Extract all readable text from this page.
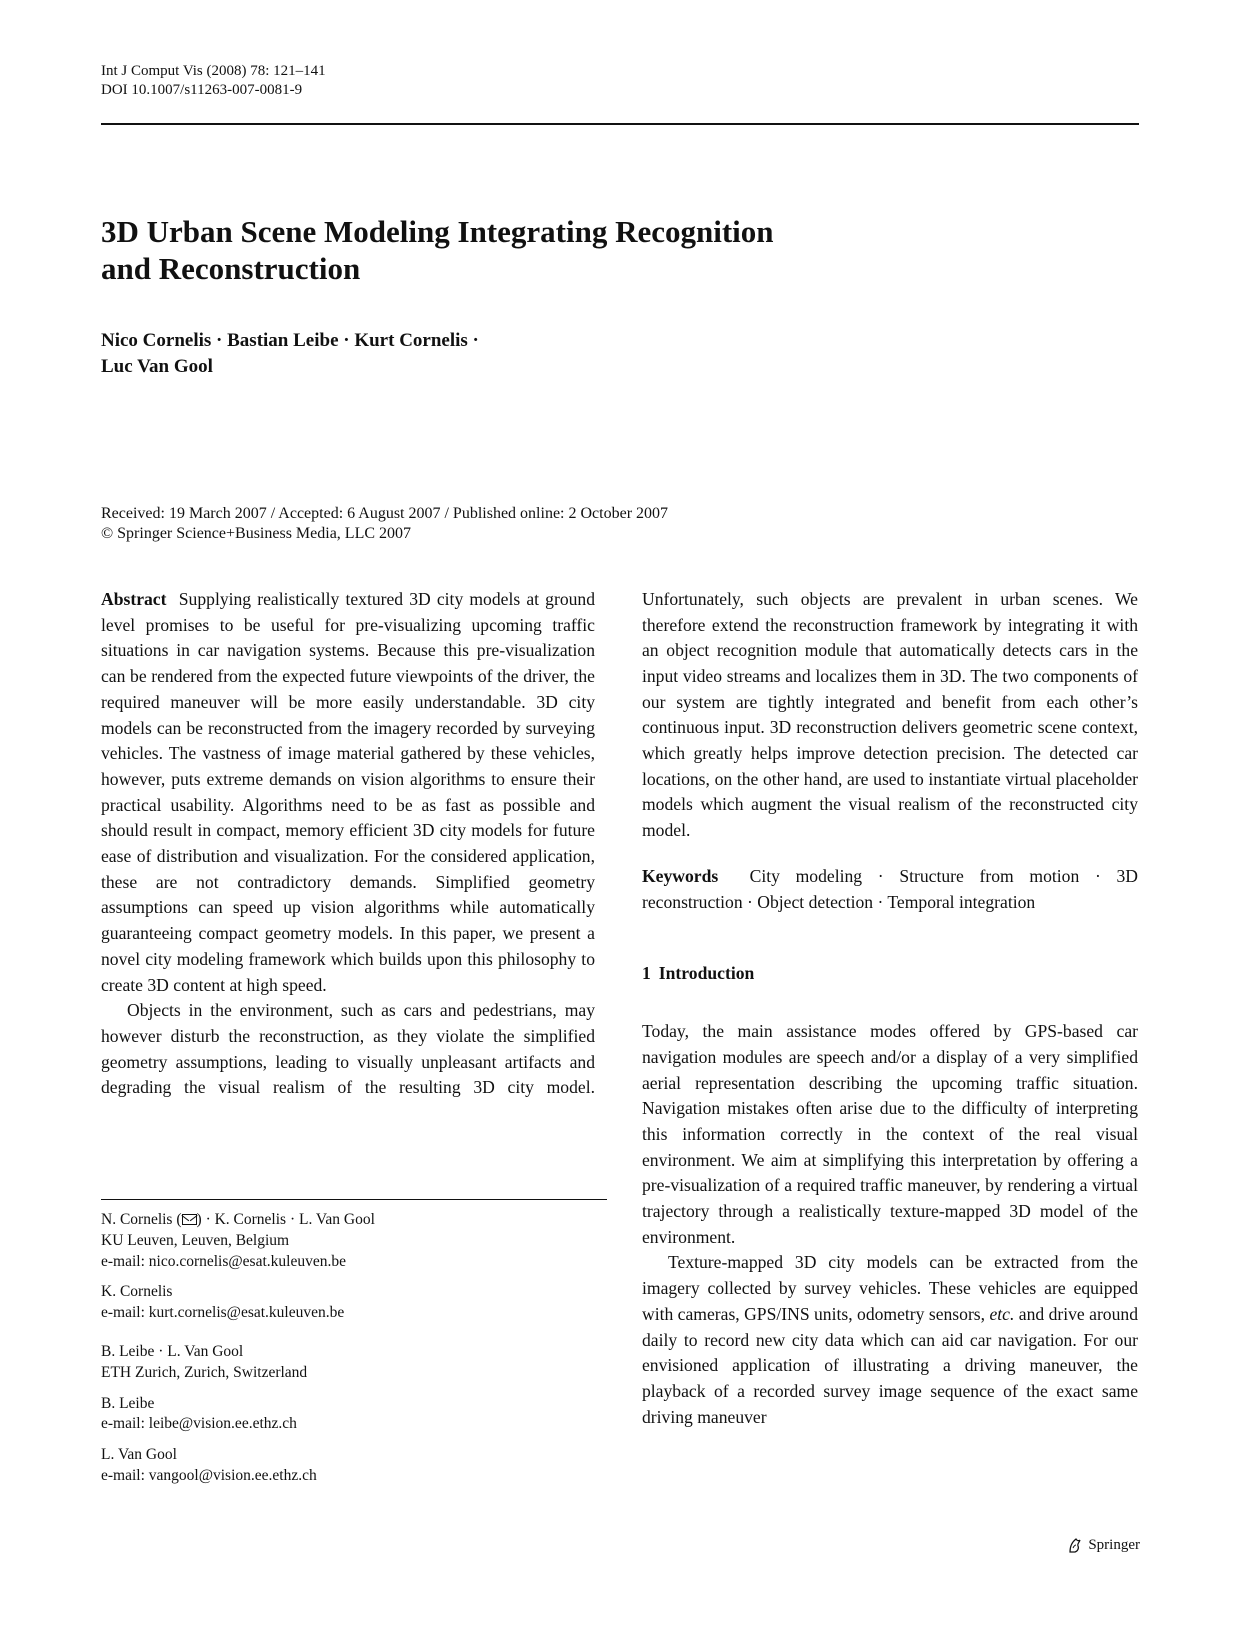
Int J Comput Vis (2008) 78: 121–141
DOI 10.1007/s11263-007-0081-9
3D Urban Scene Modeling Integrating Recognition
and Reconstruction
Nico Cornelis · Bastian Leibe · Kurt Cornelis ·
Luc Van Gool
Received: 19 March 2007 / Accepted: 6 August 2007 / Published online: 2 October 2007
© Springer Science+Business Media, LLC 2007

Abstract Supplying realistically textured 3D city models at ground level promises to be useful for pre-visualizing upcoming traffic situations in car navigation systems. Because this pre-visualization can be rendered from the expected future viewpoints of the driver, the required maneuver will be more easily understandable. 3D city models can be reconstructed from the imagery recorded by surveying vehicles. The vastness of image material gathered by these vehicles, however, puts extreme demands on vision algorithms to ensure their practical usability. Algorithms need to be as fast as possible and should result in compact, memory efficient 3D city models for future ease of distribution and visualization. For the considered application, these are not contradictory demands. Simplified geometry assumptions can speed up vision algorithms while automatically guaranteeing compact geometry models. In this paper, we present a novel city modeling framework which builds upon this philosophy to create 3D content at high speed.

Objects in the environment, such as cars and pedestrians, may however disturb the reconstruction, as they violate the simplified geometry assumptions, leading to visually unpleasant artifacts and degrading the visual realism of the resulting 3D city model.

Unfortunately, such objects are prevalent in urban scenes. We therefore extend the reconstruction framework by integrating it with an object recognition module that automatically detects cars in the input video streams and localizes them in 3D. The two components of our system are tightly integrated and benefit from each other’s continuous input. 3D reconstruction delivers geometric scene context, which greatly helps improve detection precision. The detected car locations, on the other hand, are used to instantiate virtual placeholder models which augment the visual realism of the reconstructed city model.

Keywords City modeling · Structure from motion · 3D reconstruction · Object detection · Temporal integration

1 Introduction

Today, the main assistance modes offered by GPS-based car navigation modules are speech and/or a display of a very simplified aerial representation describing the upcoming traffic situation. Navigation mistakes often arise due to the difficulty of interpreting this information correctly in the context of the real visual environment. We aim at simplifying this interpretation by offering a pre-visualization of a required traffic maneuver, by rendering a virtual trajectory through a realistically texture-mapped 3D model of the environment.

Texture-mapped 3D city models can be extracted from the imagery collected by survey vehicles. These vehicles are equipped with cameras, GPS/INS units, odometry sensors, etc. and drive around daily to record new city data which can aid car navigation. For our envisioned application of illustrating a driving maneuver, the playback of a recorded survey image sequence of the exact same driving maneuver

N. Cornelis ( ) · K. Cornelis · L. Van Gool
KU Leuven, Leuven, Belgium
e-mail: nico.cornelis@esat.kuleuven.be
K. Cornelis
e-mail: kurt.cornelis@esat.kuleuven.be
B. Leibe · L. Van Gool
ETH Zurich, Zurich, Switzerland
B. Leibe
e-mail: leibe@vision.ee.ethz.ch
L. Van Gool
e-mail: vangool@vision.ee.ethz.ch
Springer
